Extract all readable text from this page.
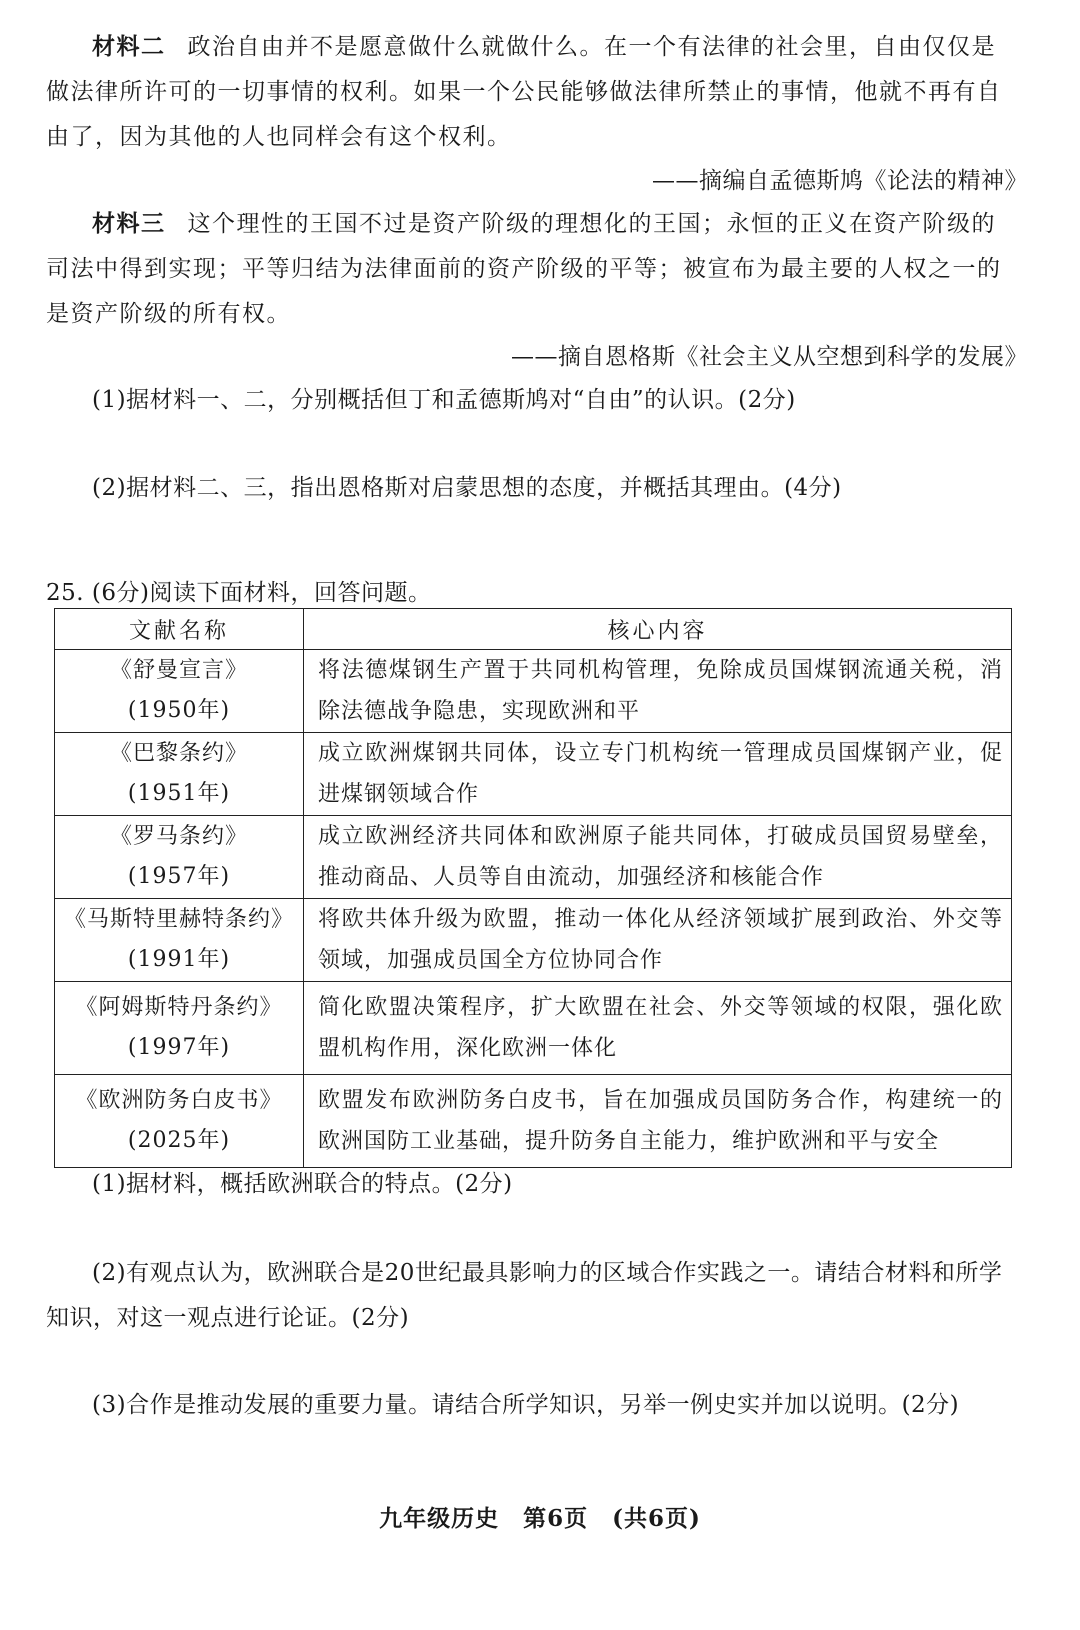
材料二 政治自由并不是愿意做什么就做什么。在一个有法律的社会里，自由仅仅是做法律所许可的一切事情的权利。如果一个公民能够做法律所禁止的事情，他就不再有自由了，因为其他的人也同样会有这个权利。

——摘编自孟德斯鸠《论法的精神》

材料三 这个理性的王国不过是资产阶级的理想化的王国；永恒的正义在资产阶级的司法中得到实现；平等归结为法律面前的资产阶级的平等；被宣布为最主要的人权之一的是资产阶级的所有权。

——摘自恩格斯《社会主义从空想到科学的发展》

(1)据材料一、二，分别概括但丁和孟德斯鸠对“自由”的认识。(2分)

(2)据材料二、三，指出恩格斯对启蒙思想的态度，并概括其理由。(4分)

25. (6分)阅读下面材料，回答问题。

文献名称	核心内容

《舒曼宣言》
(1950年)	将法德煤钢生产置于共同机构管理，免除成员国煤钢流通关税，消除法德战争隐患，实现欧洲和平

《巴黎条约》
(1951年)	成立欧洲煤钢共同体，设立专门机构统一管理成员国煤钢产业，促进煤钢领域合作

《罗马条约》
(1957年)	成立欧洲经济共同体和欧洲原子能共同体，打破成员国贸易壁垒，推动商品、人员等自由流动，加强经济和核能合作

《马斯特里赫特条约》
(1991年)	将欧共体升级为欧盟，推动一体化从经济领域扩展到政治、外交等领域，加强成员国全方位协同合作

《阿姆斯特丹条约》
(1997年)	简化欧盟决策程序，扩大欧盟在社会、外交等领域的权限，强化欧盟机构作用，深化欧洲一体化

《欧洲防务白皮书》
(2025年)	欧盟发布欧洲防务白皮书，旨在加强成员国防务合作，构建统一的欧洲国防工业基础，提升防务自主能力，维护欧洲和平与安全

(1)据材料，概括欧洲联合的特点。(2分)

(2)有观点认为，欧洲联合是20世纪最具影响力的区域合作实践之一。请结合材料和所学知识，对这一观点进行论证。(2分)

(3)合作是推动发展的重要力量。请结合所学知识，另举一例史实并加以说明。(2分)

九年级历史　第6页　(共6页)
